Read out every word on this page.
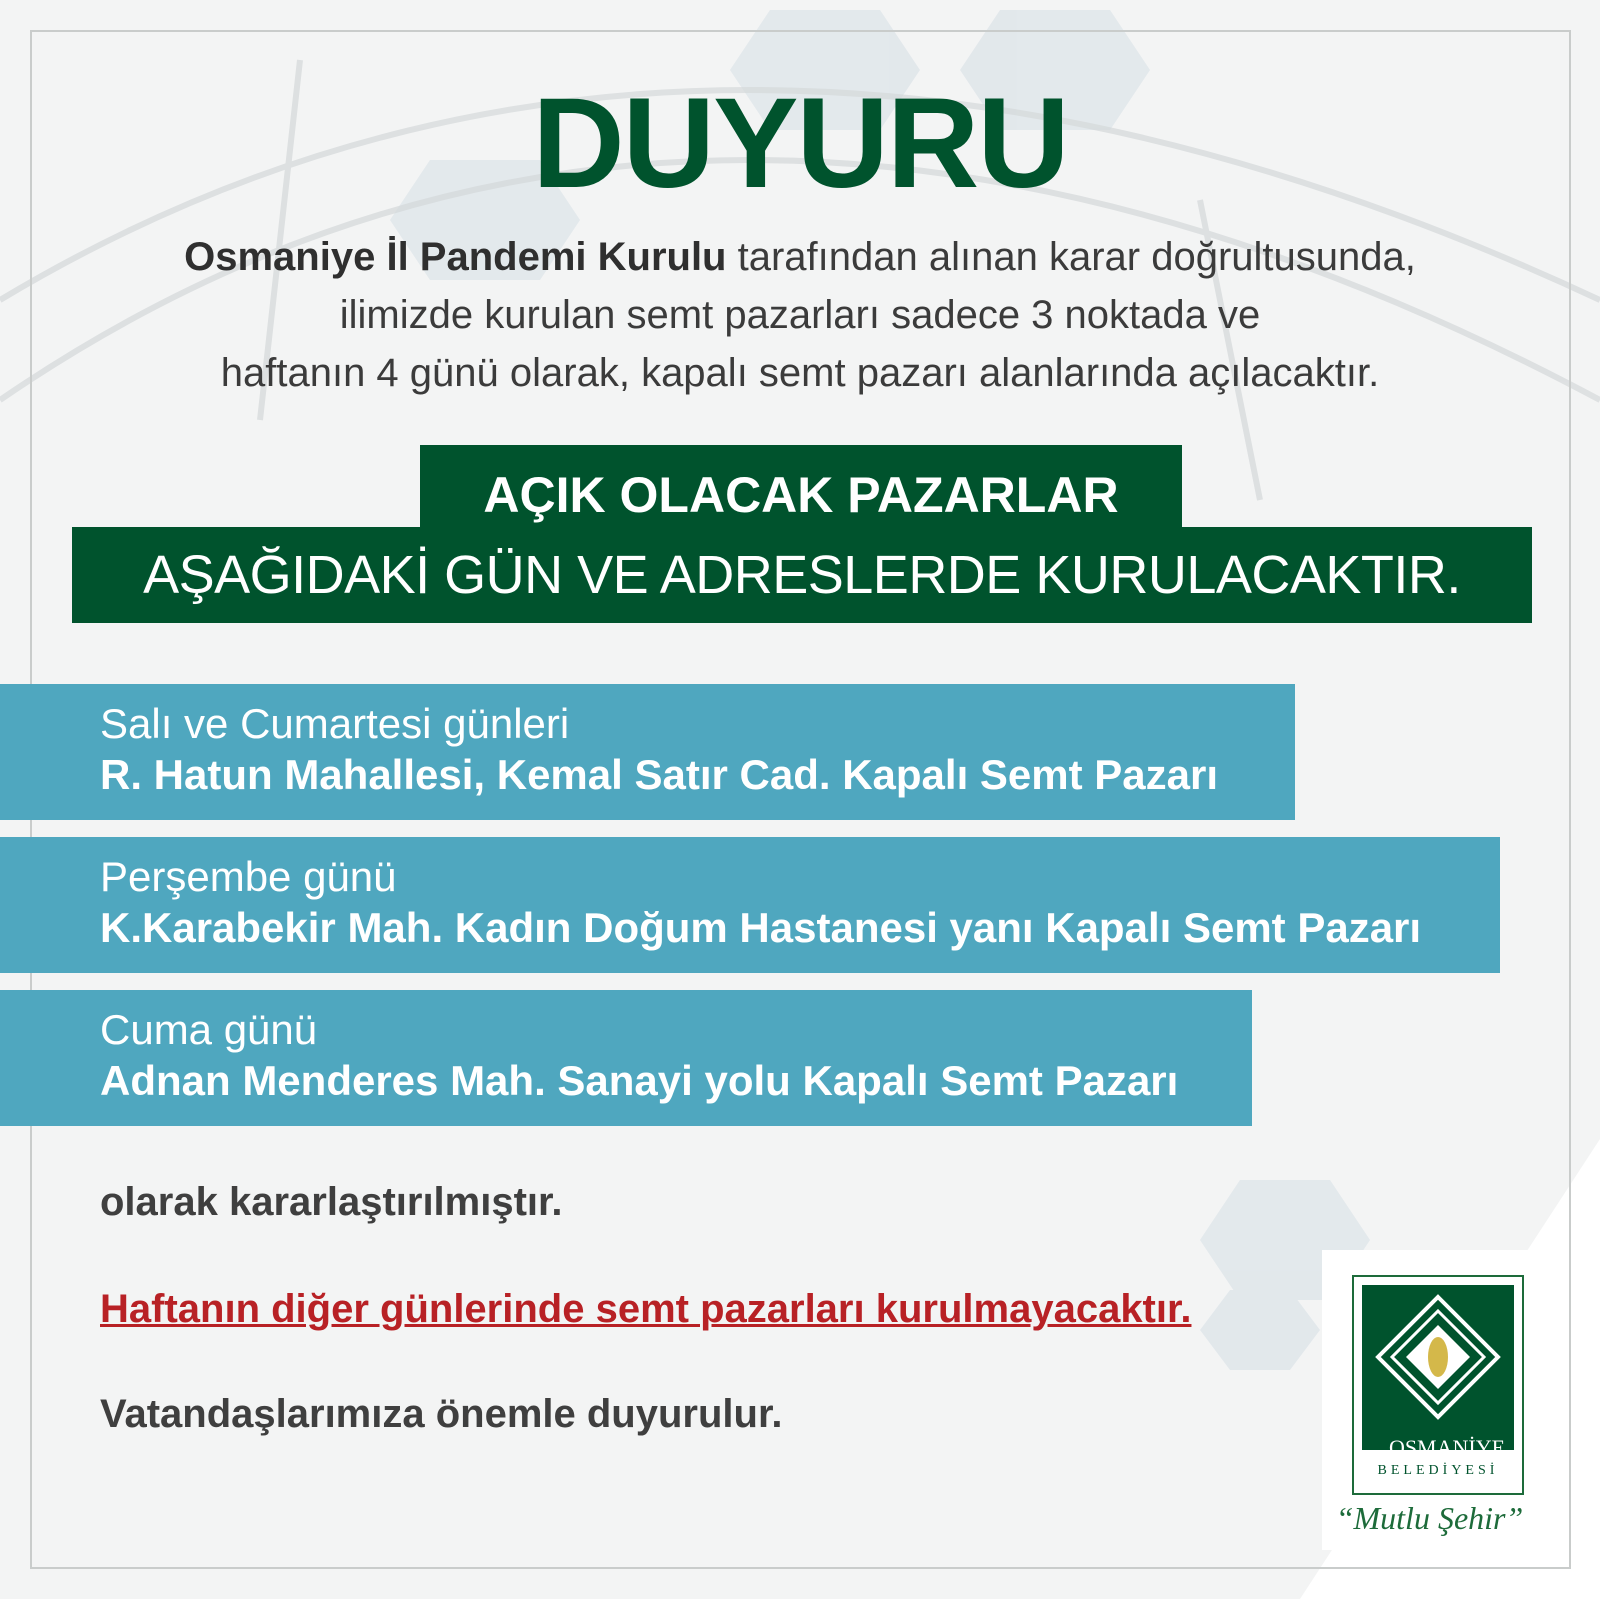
DUYURU
Osmaniye İl Pandemi Kurulu tarafından alınan karar doğrultusunda,
ilimizde kurulan semt pazarları sadece 3 noktada ve
haftanın 4 günü olarak, kapalı semt pazarı alanlarında açılacaktır.
AŞAĞIDAKİ GÜN VE ADRESLERDE KURULACAKTIR.
AÇIK OLACAK PAZARLAR
Salı ve Cumartesi günleri
R. Hatun Mahallesi, Kemal Satır Cad. Kapalı Semt Pazarı
Perşembe günü
K.Karabekir Mah. Kadın Doğum Hastanesi yanı Kapalı Semt Pazarı
Cuma günü
Adnan Menderes Mah. Sanayi yolu Kapalı Semt Pazarı
olarak kararlaştırılmıştır.
Haftanın diğer günlerinde semt pazarları kurulmayacaktır.
Vatandaşlarımıza önemle duyurulur.
OSMANİYE
BELEDİYESİ
“Mutlu Şehir”
